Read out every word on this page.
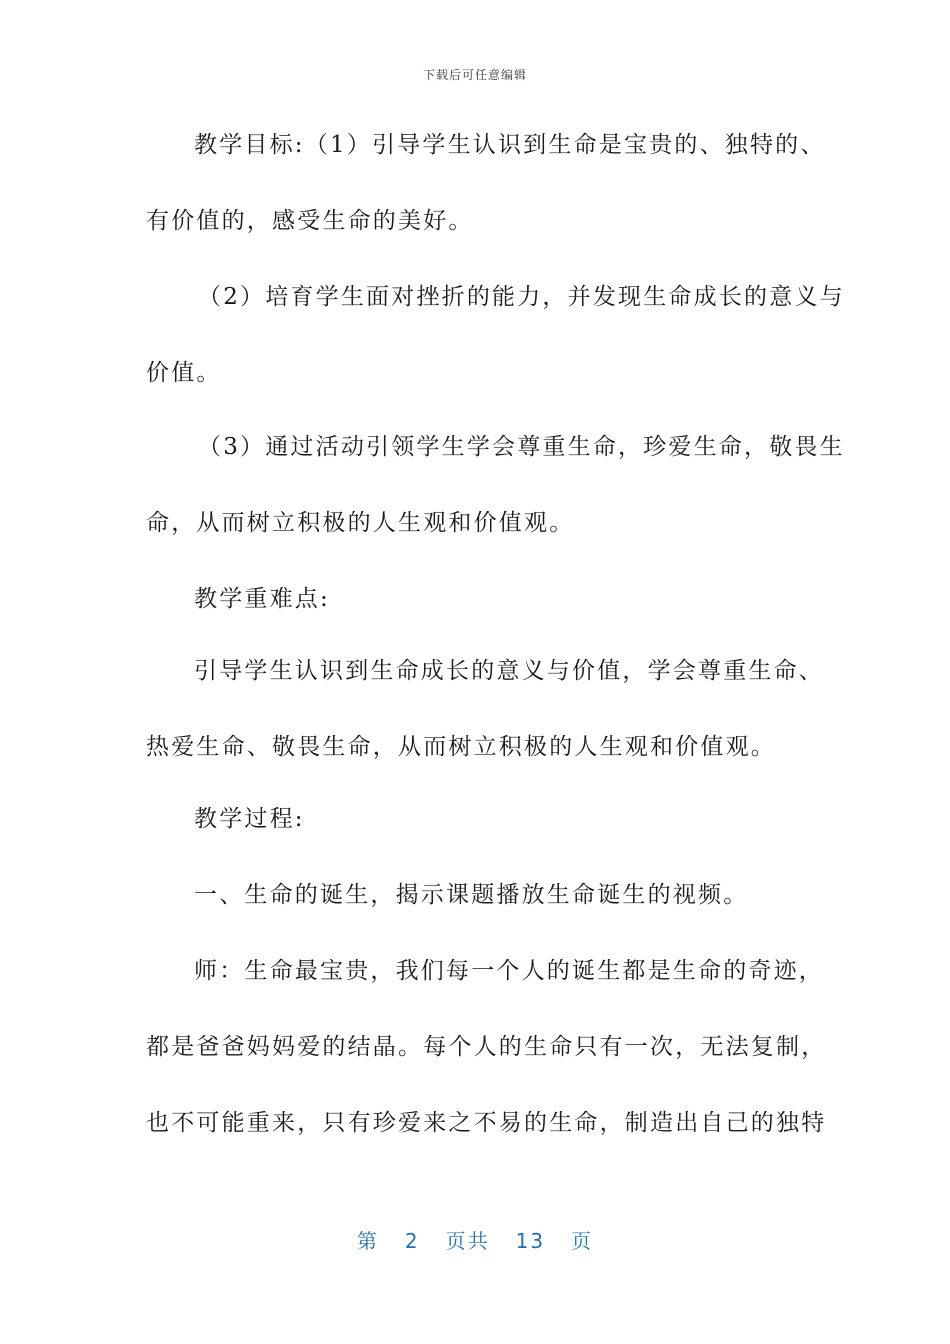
下载后可任意编辑
教学目标:（1）引导学生认识到生命是宝贵的、独特的、
有价值的，感受生命的美好。
（2）培育学生面对挫折的能力，并发现生命成长的意义与
价值。
（3）通过活动引领学生学会尊重生命，珍爱生命，敬畏生
命，从而树立积极的人生观和价值观。
教学重难点:
引导学生认识到生命成长的意义与价值，学会尊重生命、
热爱生命、敬畏生命，从而树立积极的人生观和价值观。
教学过程:
一、生命的诞生，揭示课题播放生命诞生的视频。
师：生命最宝贵，我们每一个人的诞生都是生命的奇迹，
都是爸爸妈妈爱的结晶。每个人的生命只有一次，无法复制，
也不可能重来，只有珍爱来之不易的生命，制造出自己的独特
第 2 页共 13 页
